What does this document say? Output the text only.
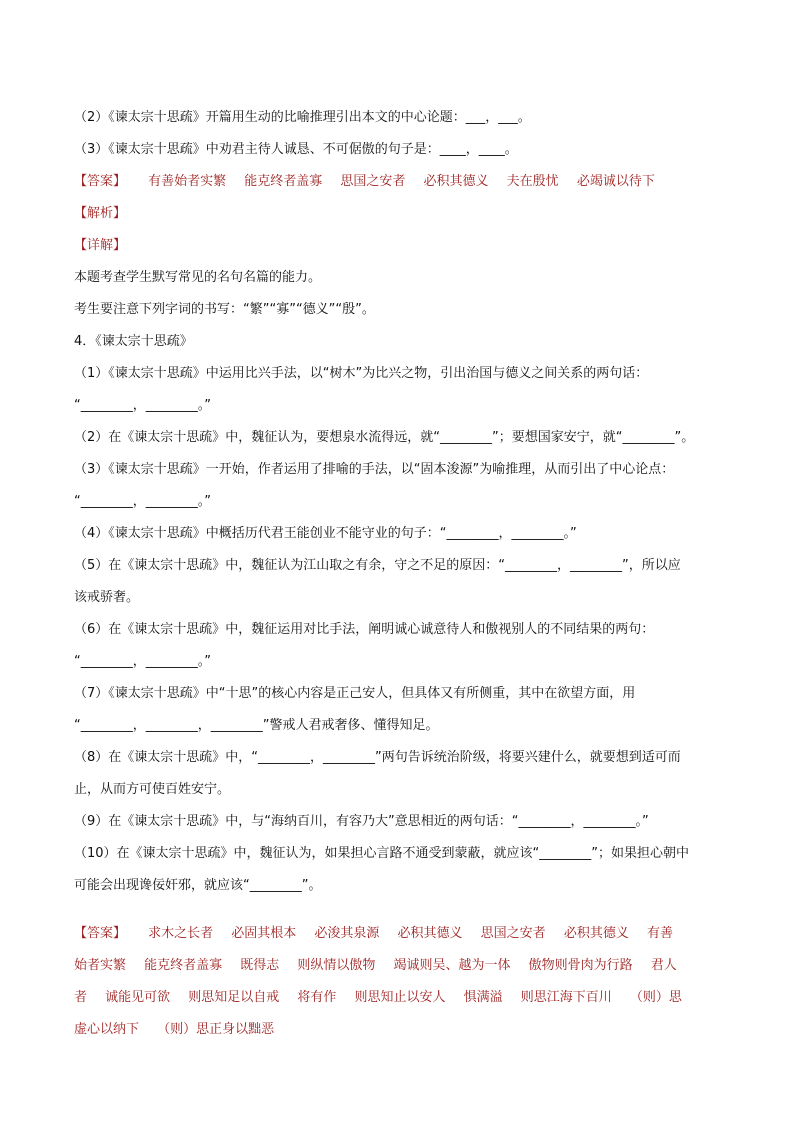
（2）《谏太宗十思疏》开篇用生动的比喻推理引出本文的中心论题：___，___。
（3）《谏太宗十思疏》中劝君主待人诚恳、不可倨傲的句子是：____，____。
【答案】 有善始者实繁 能克终者盖寡 思国之安者 必积其德义 夫在殷忧 必竭诚以待下
【解析】
【详解】
本题考查学生默写常见的名句名篇的能力。
考生要注意下列字词的书写：“繁”“寡”“德义”“殷”。
4．《谏太宗十思疏》
（1）《谏太宗十思疏》中运用比兴手法，以“树木”为比兴之物，引出治国与德义之间关系的两句话：
“________，________。”
（2）在《谏太宗十思疏》中，魏征认为，要想泉水流得远，就“________”；要想国家安宁，就“________”。
（3）《谏太宗十思疏》一开始，作者运用了排喻的手法，以“固本浚源”为喻推理，从而引出了中心论点：
“________，________。”
（4）《谏太宗十思疏》中概括历代君王能创业不能守业的句子：“________，________。”
（5）在《谏太宗十思疏》中，魏征认为江山取之有余，守之不足的原因：“________，________”，所以应
该戒骄奢。
（6）在《谏太宗十思疏》中，魏征运用对比手法，阐明诚心诚意待人和傲视别人的不同结果的两句：
“________，________。”
（7）《谏太宗十思疏》中“十思”的核心内容是正己安人，但具体又有所侧重，其中在欲望方面，用
“________，________，________”警戒人君戒奢侈、懂得知足。
（8）在《谏太宗十思疏》中，“________，________”两句告诉统治阶级，将要兴建什么，就要想到适可而
止，从而方可使百姓安宁。
（9）在《谏太宗十思疏》中，与“海纳百川，有容乃大”意思相近的两句话：“________，________。”
（10）在《谏太宗十思疏》中，魏征认为，如果担心言路不通受到蒙蔽，就应该“________”；如果担心朝中
可能会出现谗佞奸邪，就应该“________”。
【答案】 求木之长者 必固其根本 必浚其泉源 必积其德义 思国之安者 必积其德义 有善
始者实繁 能克终者盖寡 既得志 则纵情以傲物 竭诚则吴、越为一体 傲物则骨肉为行路 君人
者 诚能见可欲 则思知足以自戒 将有作 则思知止以安人 惧满溢 则思江海下百川 （则）思
虚心以纳下 （则）思正身以黜恶
